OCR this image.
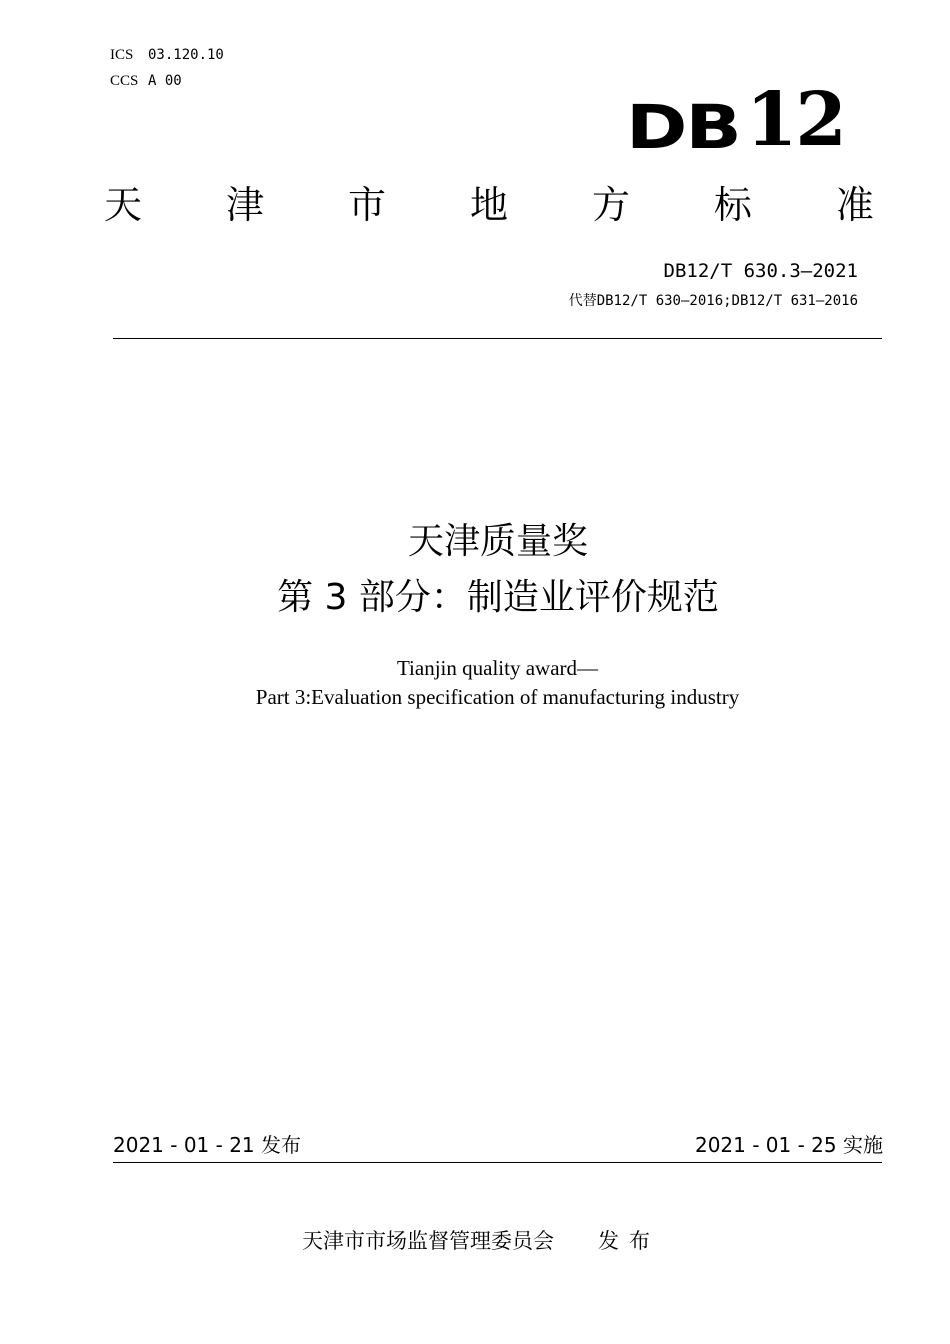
ICS 03.120.10
CCS A 00
DB12
天 津 市 地 方 标 准
DB12/T 630.3—2021
代替DB12/T 630—2016;DB12/T 631—2016
天津质量奖
第 3 部分：制造业评价规范
Tianjin quality award—
Part 3:Evaluation specification of manufacturing industry
2021 - 01 - 21 发布	2021 - 01 - 25 实施
天津市市场监督管理委员会 发布
